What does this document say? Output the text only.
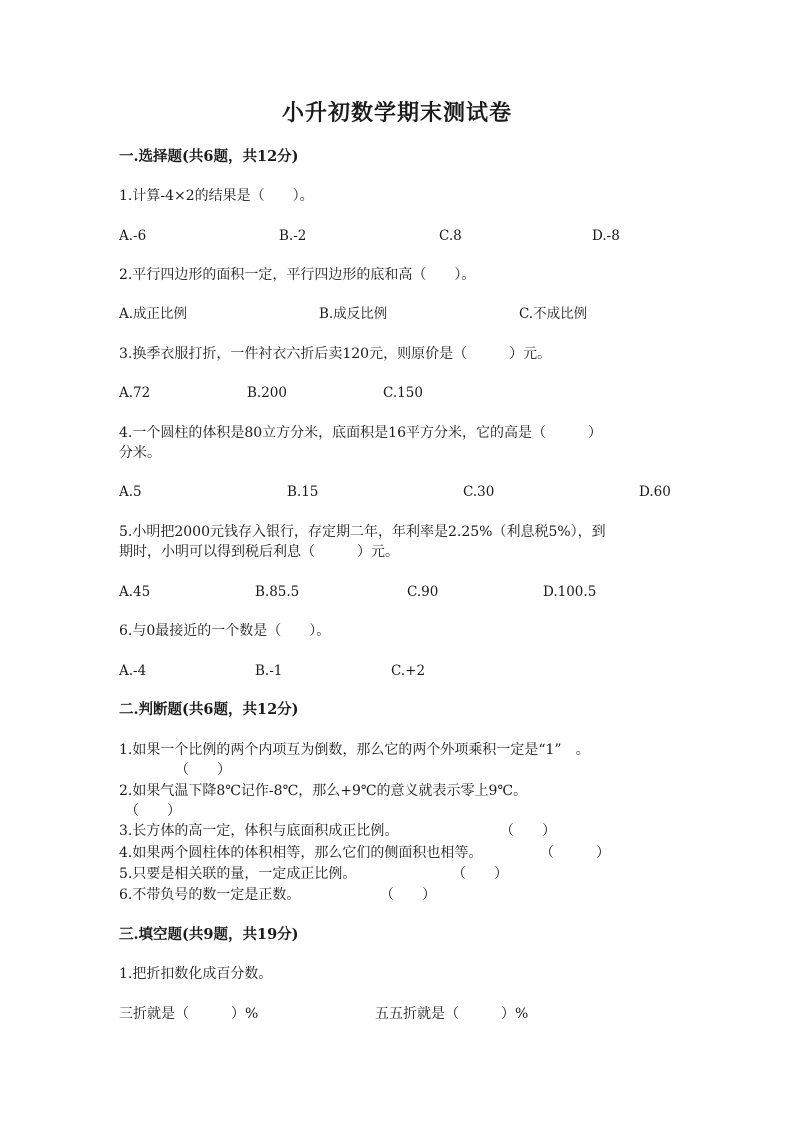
小升初数学期末测试卷
一.选择题(共6题，共12分)
1.计算-4×2的结果是（　　）。
A.-6	B.-2	C.8	D.-8
2.平行四边形的面积一定，平行四边形的底和高（　　）。
A.成正比例	B.成反比例	C.不成比例
3.换季衣服打折，一件衬衣六折后卖120元，则原价是（　　　）元。
A.72	B.200	C.150
4.一个圆柱的体积是80立方分米，底面积是16平方分米，它的高是（　　　）
分米。
A.5	B.15	C.30	D.60
5.小明把2000元钱存入银行，存定期二年，年利率是2.25%（利息税5%），到
期时，小明可以得到税后利息（　　　）元。
A.45	B.85.5	C.90	D.100.5
6.与0最接近的一个数是（　　）。
A.-4	B.-1	C.+2
二.判断题(共6题，共12分)
1.如果一个比例的两个内项互为倒数，那么它的两个外项乘积一定是“1”　。
（　　）
2.如果气温下降8℃记作-8℃，那么+9℃的意义就表示零上9℃。
（　　）
3.长方体的高一定，体积与底面积成正比例。	（　　）
4.如果两个圆柱体的体积相等，那么它们的侧面积也相等。	（　　　）
5.只要是相关联的量，一定成正比例。	（　　）
6.不带负号的数一定是正数。	（　　）
三.填空题(共9题，共19分)
1.把折扣数化成百分数。
三折就是（　　　）%	五五折就是（　　　）%
